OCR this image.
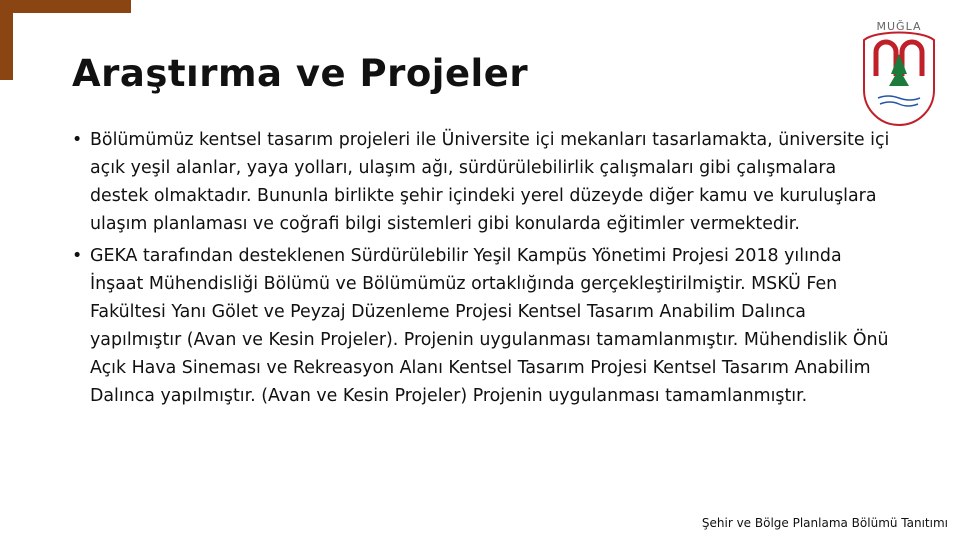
Araştırma ve Projeler
• Bölümümüz kentsel tasarım projeleri ile Üniversite içi mekanları tasarlamakta, üniversite içi açık yeşil alanlar, yaya yolları, ulaşım ağı, sürdürülebilirlik çalışmaları gibi çalışmalara destek olmaktadır. Bununla birlikte şehir içindeki yerel düzeyde diğer kamu ve kuruluşlara ulaşım planlaması ve coğrafi bilgi sistemleri gibi konularda eğitimler vermektedir.
• GEKA tarafından desteklenen Sürdürülebilir Yeşil Kampüs Yönetimi Projesi 2018 yılında İnşaat Mühendisliği Bölümü ve Bölümümüz ortaklığında gerçekleştirilmiştir. MSKÜ Fen Fakültesi Yanı Gölet ve Peyzaj Düzenleme Projesi Kentsel Tasarım Anabilim Dalınca yapılmıştır (Avan ve Kesin Projeler). Projenin uygulanması tamamlanmıştır. Mühendislik Önü Açık Hava Sineması ve Rekreasyon Alanı Kentsel Tasarım Projesi Kentsel Tasarım Anabilim Dalınca yapılmıştır. (Avan ve Kesin Projeler) Projenin uygulanması tamamlanmıştır.
Şehir ve Bölge Planlama Bölümü Tanıtımı
MUĞLA
